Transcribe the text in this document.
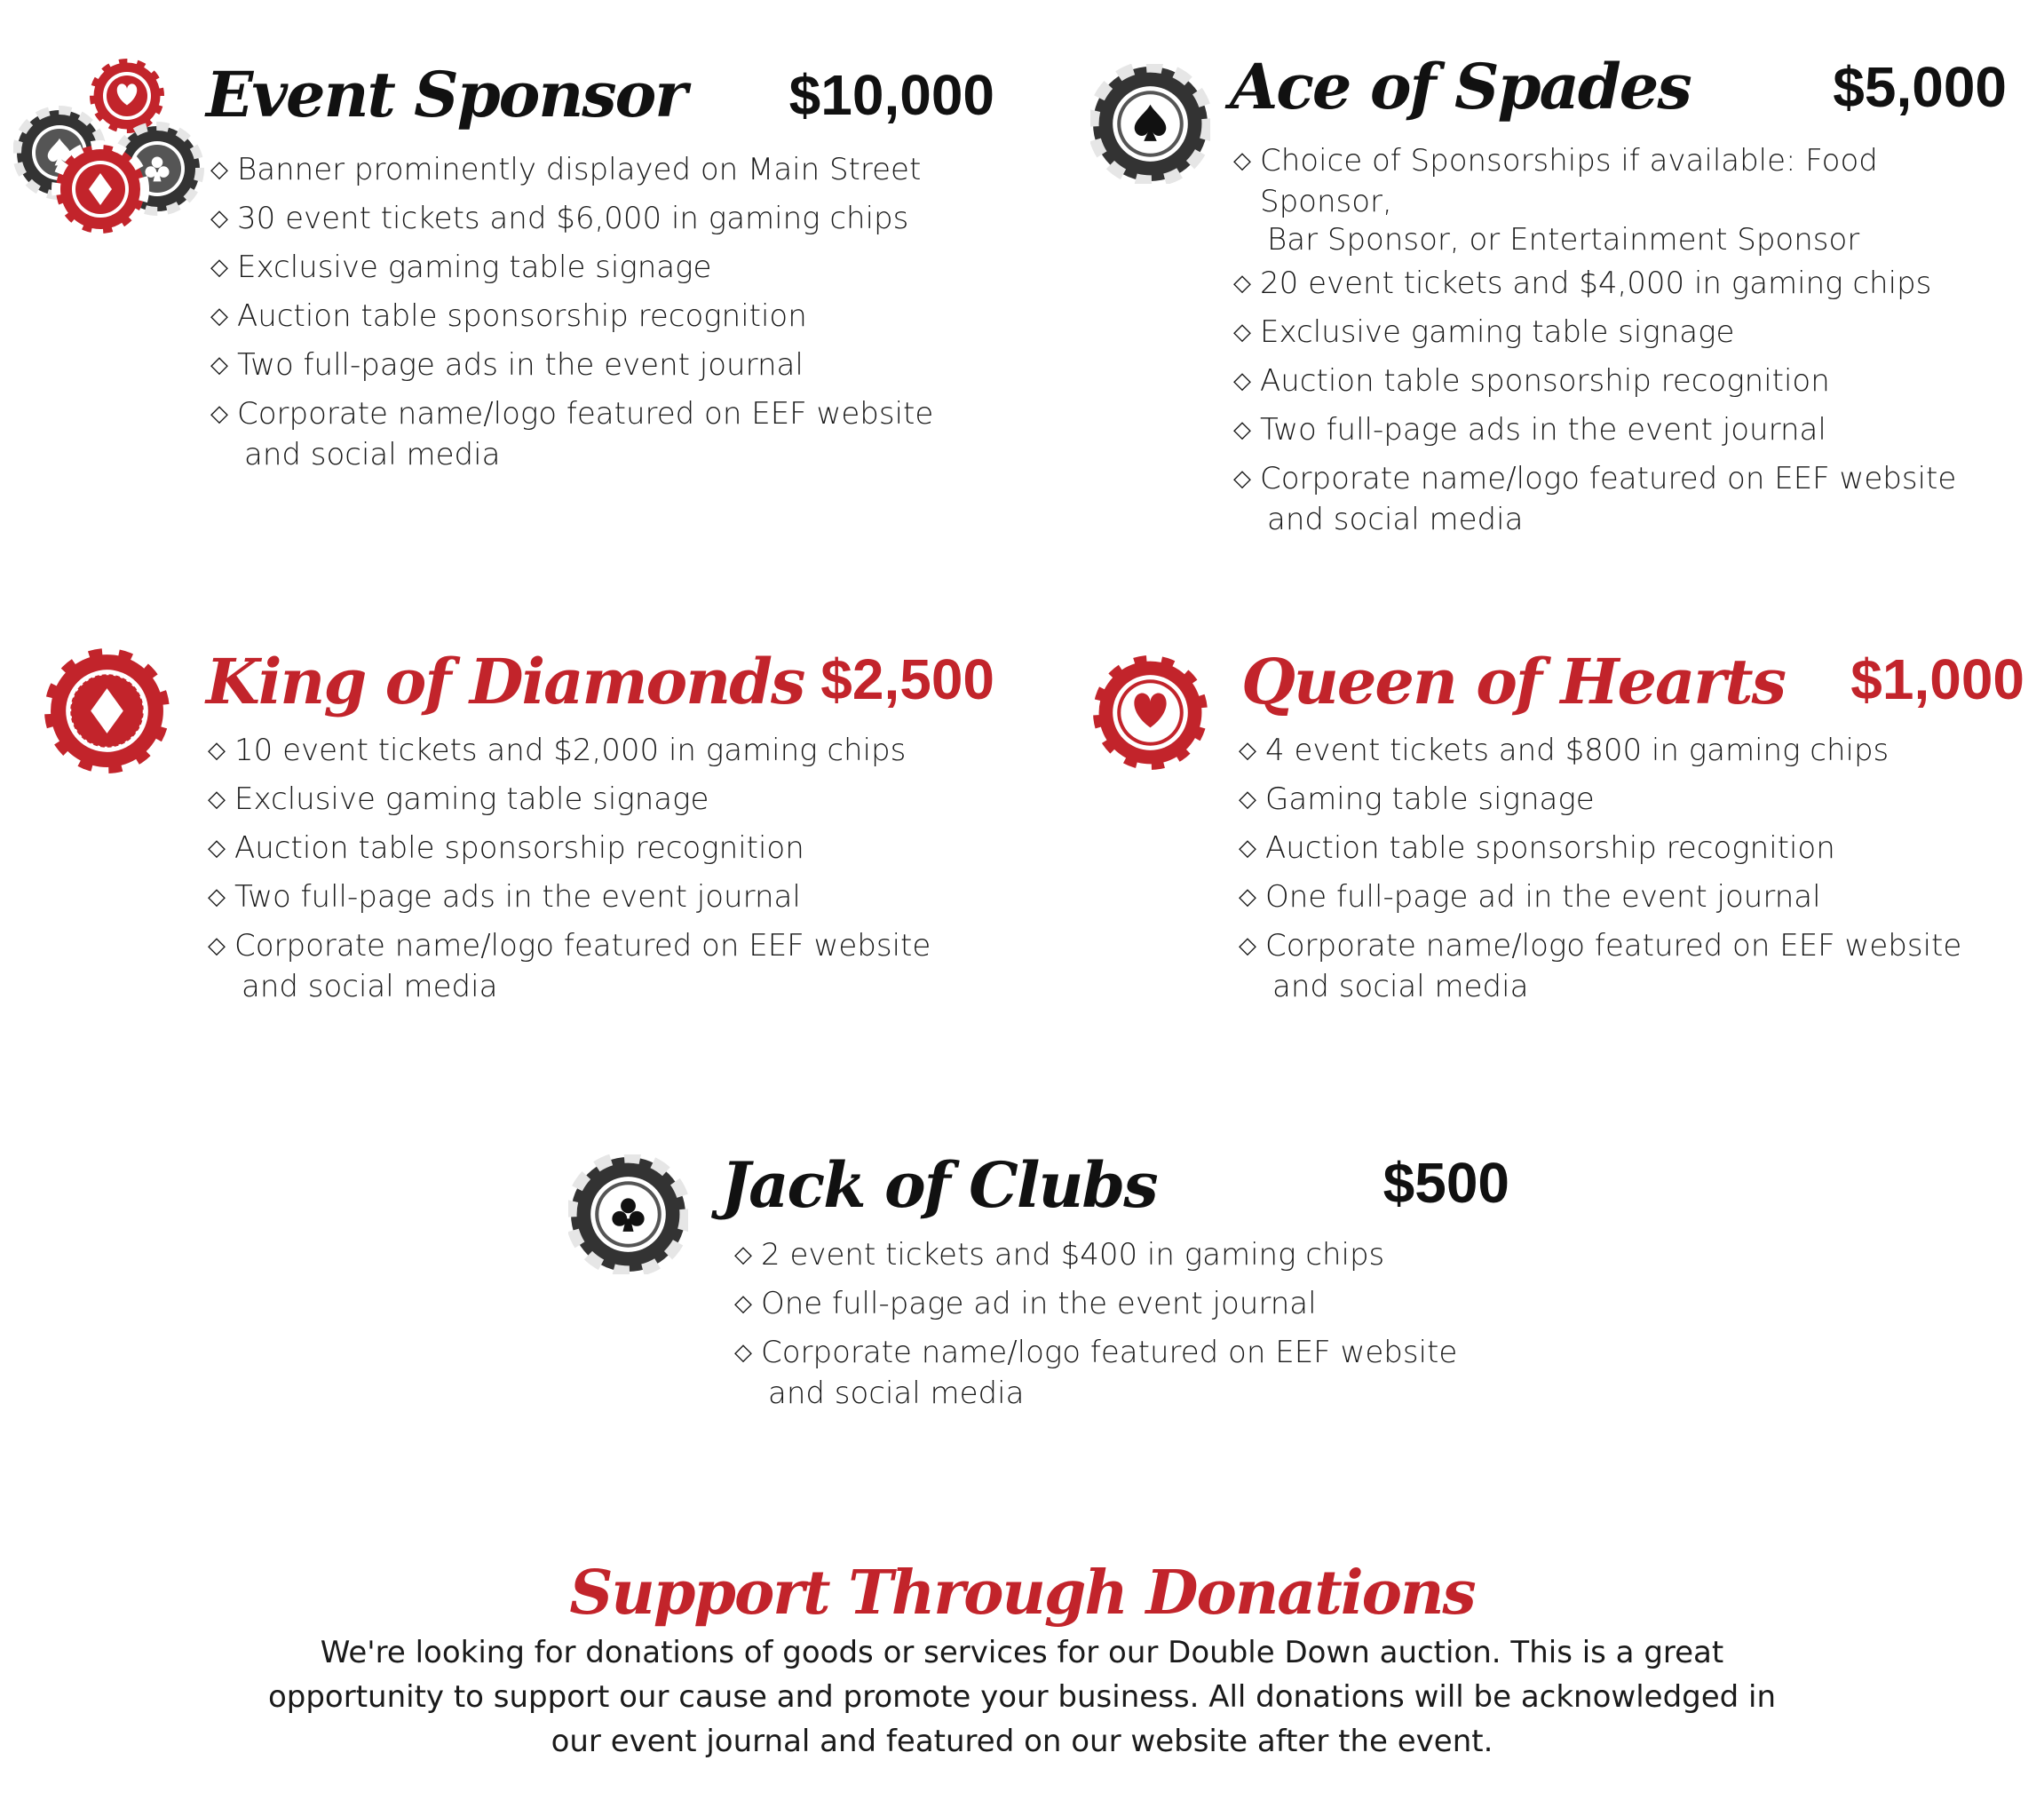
Event Sponsor	$10,000
◇ Banner prominently displayed on Main Street
◇ 30 event tickets and $6,000 in gaming chips
◇ Exclusive gaming table signage
◇ Auction table sponsorship recognition
◇ Two full-page ads in the event journal
◇ Corporate name/logo featured on EEF website
and social media
Ace of Spades	$5,000
◇ Choice of Sponsorships if available: Food Sponsor,
Bar Sponsor, or Entertainment Sponsor
◇ 20 event tickets and $4,000 in gaming chips
◇ Exclusive gaming table signage
◇ Auction table sponsorship recognition
◇ Two full-page ads in the event journal
◇ Corporate name/logo featured on EEF website
and social media
King of Diamonds $2,500
◇ 10 event tickets and $2,000 in gaming chips
◇ Exclusive gaming table signage
◇ Auction table sponsorship recognition
◇ Two full-page ads in the event journal
◇ Corporate name/logo featured on EEF website
and social media
Queen of Hearts	$1,000
◇ 4 event tickets and $800 in gaming chips
◇ Gaming table signage
◇ Auction table sponsorship recognition
◇ One full-page ad in the event journal
◇ Corporate name/logo featured on EEF website
and social media
Jack of Clubs	$500
◇ 2 event tickets and $400 in gaming chips
◇ One full-page ad in the event journal
◇ Corporate name/logo featured on EEF website
and social media
Support Through Donations

We're looking for donations of goods or services for our Double Down auction. This is a great opportunity to support our cause and promote your business. All donations will be acknowledged in our event journal and featured on our website after the event.
